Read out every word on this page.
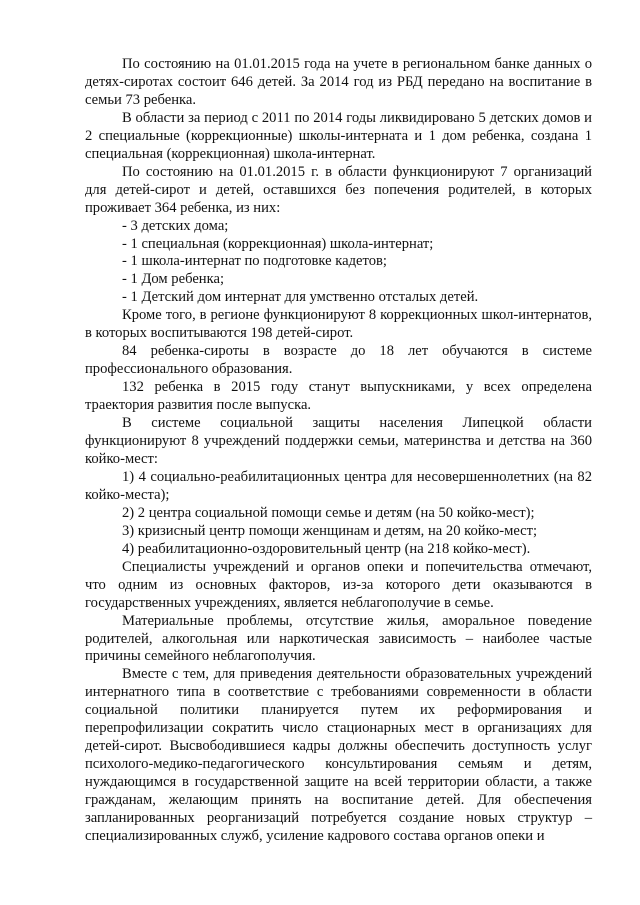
По состоянию на 01.01.2015 года на учете в региональном банке данных о детях-сиротах состоит 646 детей. За 2014 год из РБД передано на воспитание в семьи 73 ребенка.

В области за период с 2011 по 2014 годы ликвидировано 5 детских домов и 2 специальные (коррекционные) школы-интерната и 1 дом ребенка, создана 1 специальная (коррекционная) школа-интернат.

По состоянию на 01.01.2015 г. в области функционируют 7 организаций для детей-сирот и детей, оставшихся без попечения родителей, в которых проживает 364 ребенка, из них:

- 3 детских дома;

- 1 специальная (коррекционная) школа-интернат;

- 1 школа-интернат по подготовке кадетов;

- 1 Дом ребенка;

- 1 Детский дом интернат для умственно отсталых детей.

Кроме того, в регионе функционируют 8 коррекционных школ-интернатов, в которых воспитываются 198 детей-сирот.

84 ребенка-сироты в возрасте до 18 лет обучаются в системе профессионального образования.

132 ребенка в 2015 году станут выпускниками, у всех определена траектория развития после выпуска.

В системе социальной защиты населения Липецкой области функционируют 8 учреждений поддержки семьи, материнства и детства на 360 койко-мест:

1) 4 социально-реабилитационных центра для несовершеннолетних (на 82 койко-места);

2) 2 центра социальной помощи семье и детям (на 50 койко-мест);

3) кризисный центр помощи женщинам и детям, на 20 койко-мест;

4) реабилитационно-оздоровительный центр (на 218 койко-мест).

Специалисты учреждений и органов опеки и попечительства отмечают, что одним из основных факторов, из-за которого дети оказываются в государственных учреждениях, является неблагополучие в семье.

Материальные проблемы, отсутствие жилья, аморальное поведение родителей, алкогольная или наркотическая зависимость – наиболее частые причины семейного неблагополучия.

Вместе с тем, для приведения деятельности образовательных учреждений интернатного типа в соответствие с требованиями современности в области социальной политики планируется путем их реформирования и перепрофилизации сократить число стационарных мест в организациях для детей-сирот. Высвободившиеся кадры должны обеспечить доступность услуг психолого-медико-педагогического консультирования семьям и детям, нуждающимся в государственной защите на всей территории области, а также гражданам, желающим принять на воспитание детей. Для обеспечения запланированных реорганизаций потребуется создание новых структур – специализированных служб, усиление кадрового состава органов опеки и
